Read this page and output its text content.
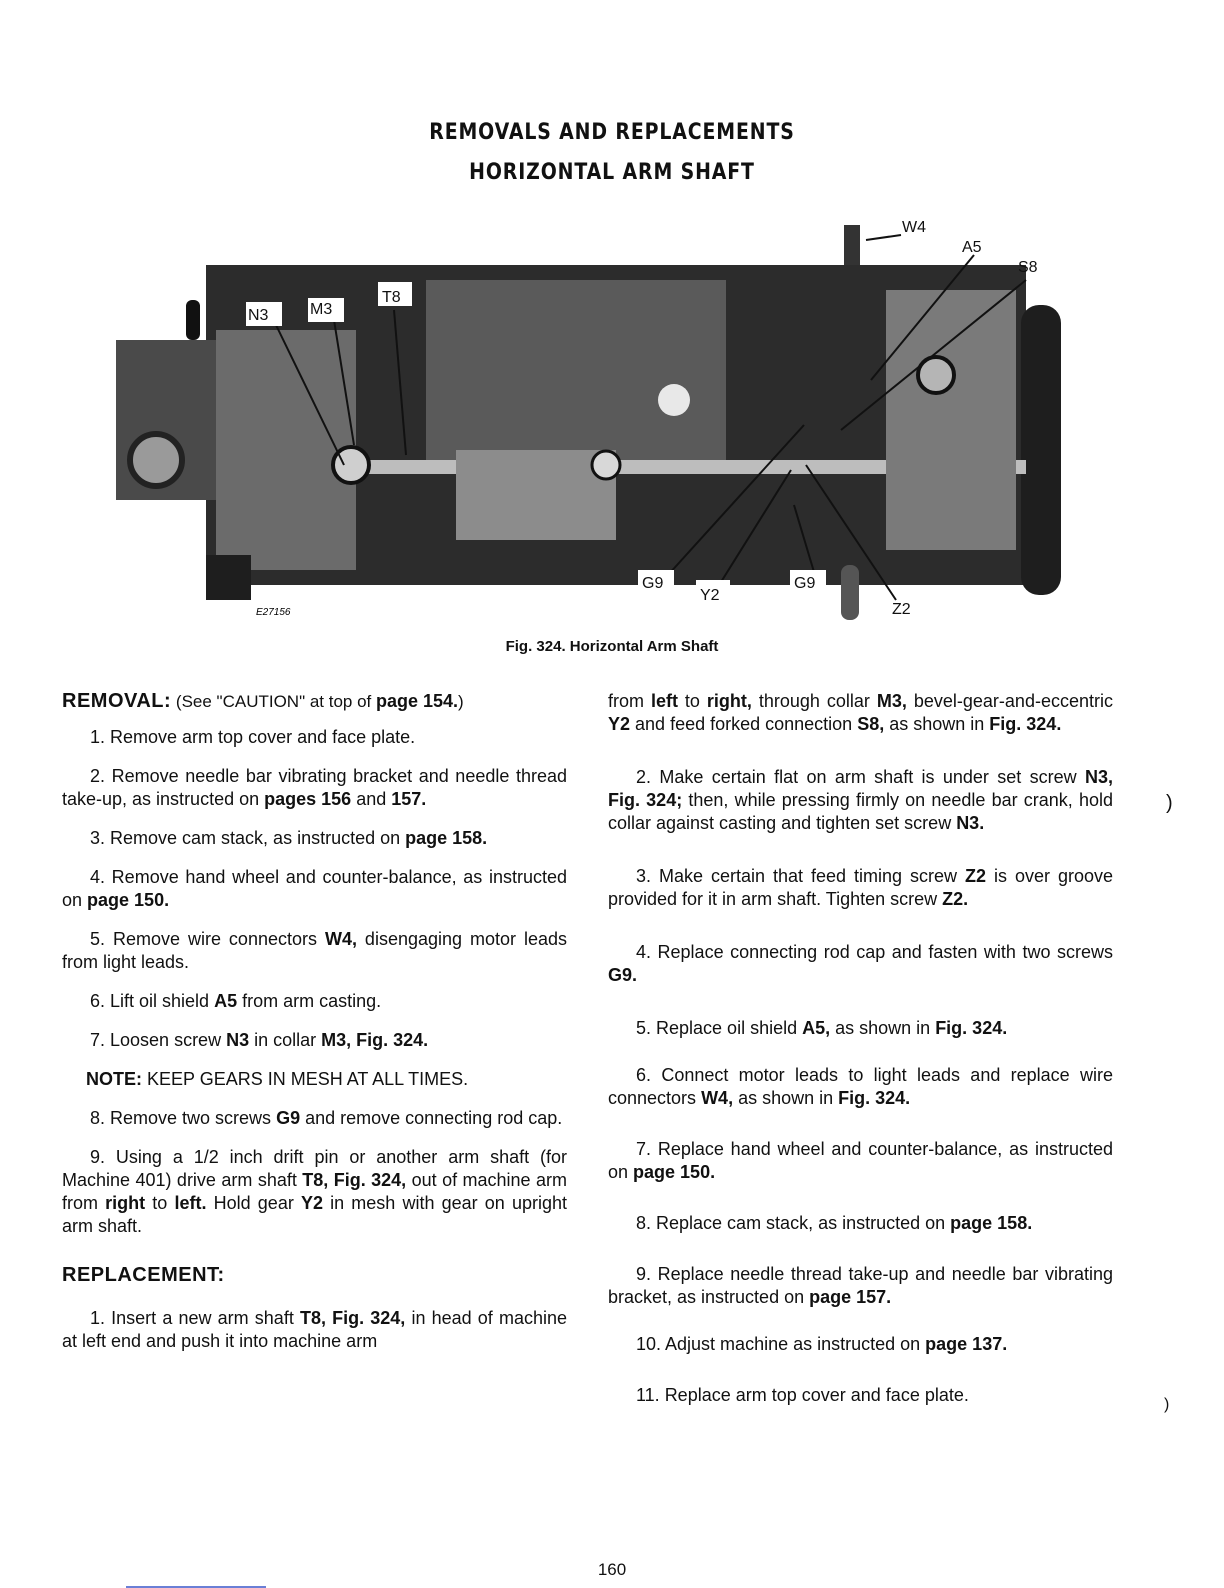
REMOVALS AND REPLACEMENTS
HORIZONTAL ARM SHAFT
N3	M3
T8
W4
A5
S8
G9
Y2
G9
Z2
E27156
Fig. 324. Horizontal Arm Shaft

REMOVAL: (See "CAUTION" at top of page 154.)

1. Remove arm top cover and face plate.

2. Remove needle bar vibrating bracket and needle thread take-up, as instructed on pages 156 and 157.

3. Remove cam stack, as instructed on page 158.

4. Remove hand wheel and counter-balance, as instructed on page 150.

5. Remove wire connectors W4, disengaging motor leads from light leads.

6. Lift oil shield A5 from arm casting.

7. Loosen screw N3 in collar M3, Fig. 324.

NOTE: KEEP GEARS IN MESH AT ALL TIMES.

8. Remove two screws G9 and remove connecting rod cap.

9. Using a 1/2 inch drift pin or another arm shaft (for Machine 401) drive arm shaft T8, Fig. 324, out of machine arm from right to left. Hold gear Y2 in mesh with gear on upright arm shaft.

REPLACEMENT:

1. Insert a new arm shaft T8, Fig. 324, in head of machine at left end and push it into machine arm

from left to right, through collar M3, bevel-gear-and-eccentric Y2 and feed forked connection S8, as shown in Fig. 324.

2. Make certain flat on arm shaft is under set screw N3, Fig. 324; then, while pressing firmly on needle bar crank, hold collar against casting and tighten set screw N3.

3. Make certain that feed timing screw Z2 is over groove provided for it in arm shaft. Tighten screw Z2.

4. Replace connecting rod cap and fasten with two screws G9.

5. Replace oil shield A5, as shown in Fig. 324.

6. Connect motor leads to light leads and replace wire connectors W4, as shown in Fig. 324.

7. Replace hand wheel and counter-balance, as instructed on page 150.

8. Replace cam stack, as instructed on page 158.

9. Replace needle thread take-up and needle bar vibrating bracket, as instructed on page 157.

10. Adjust machine as instructed on page 137.

11. Replace arm top cover and face plate.

)
)
160
